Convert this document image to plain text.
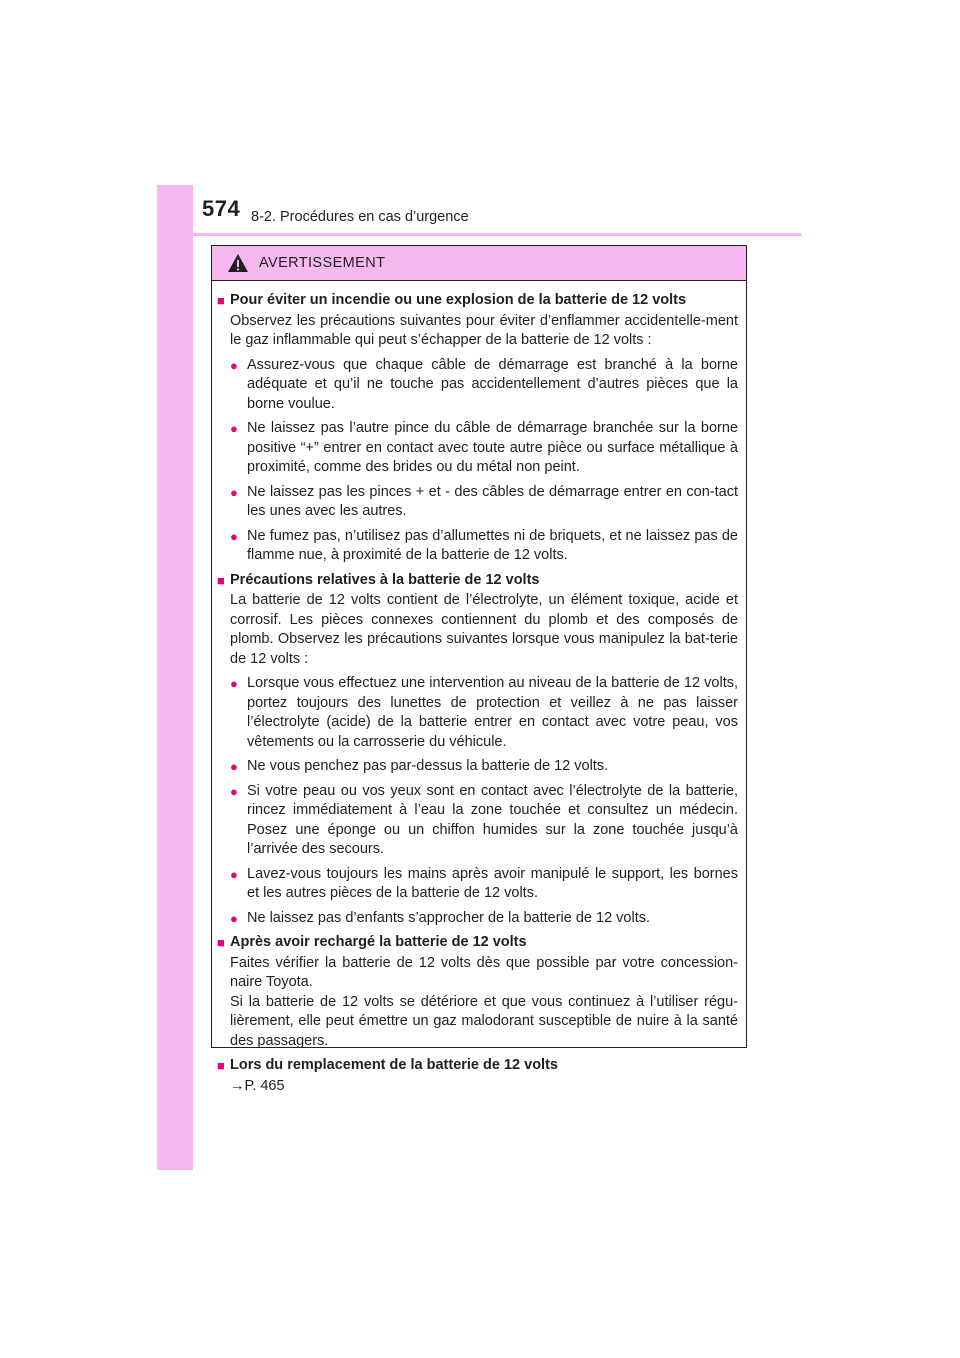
574 8-2. Procédures en cas d’urgence
AVERTISSEMENT
■ Pour éviter un incendie ou une explosion de la batterie de 12 volts
Observez les précautions suivantes pour éviter d’enflammer accidentelle-ment le gaz inflammable qui peut s’échapper de la batterie de 12 volts :
● Assurez-vous que chaque câble de démarrage est branché à la borne adéquate et qu’il ne touche pas accidentellement d’autres pièces que la borne voulue.
● Ne laissez pas l’autre pince du câble de démarrage branchée sur la borne positive “+” entrer en contact avec toute autre pièce ou surface métallique à proximité, comme des brides ou du métal non peint.
● Ne laissez pas les pinces + et - des câbles de démarrage entrer en con-tact les unes avec les autres.
● Ne fumez pas, n’utilisez pas d’allumettes ni de briquets, et ne laissez pas de flamme nue, à proximité de la batterie de 12 volts.
■ Précautions relatives à la batterie de 12 volts
La batterie de 12 volts contient de l’électrolyte, un élément toxique, acide et corrosif. Les pièces connexes contiennent du plomb et des composés de plomb. Observez les précautions suivantes lorsque vous manipulez la bat-terie de 12 volts :
● Lorsque vous effectuez une intervention au niveau de la batterie de 12 volts, portez toujours des lunettes de protection et veillez à ne pas laisser l’électrolyte (acide) de la batterie entrer en contact avec votre peau, vos vêtements ou la carrosserie du véhicule.
● Ne vous penchez pas par-dessus la batterie de 12 volts.
● Si votre peau ou vos yeux sont en contact avec l’électrolyte de la batterie, rincez immédiatement à l’eau la zone touchée et consultez un médecin. Posez une éponge ou un chiffon humides sur la zone touchée jusqu’à l’arrivée des secours.
● Lavez-vous toujours les mains après avoir manipulé le support, les bornes et les autres pièces de la batterie de 12 volts.
● Ne laissez pas d’enfants s’approcher de la batterie de 12 volts.
■ Après avoir rechargé la batterie de 12 volts
Faites vérifier la batterie de 12 volts dès que possible par votre concession-naire Toyota.
Si la batterie de 12 volts se détériore et que vous continuez à l’utiliser régu-lièrement, elle peut émettre un gaz malodorant susceptible de nuire à la santé des passagers.
■ Lors du remplacement de la batterie de 12 volts
→P. 465
